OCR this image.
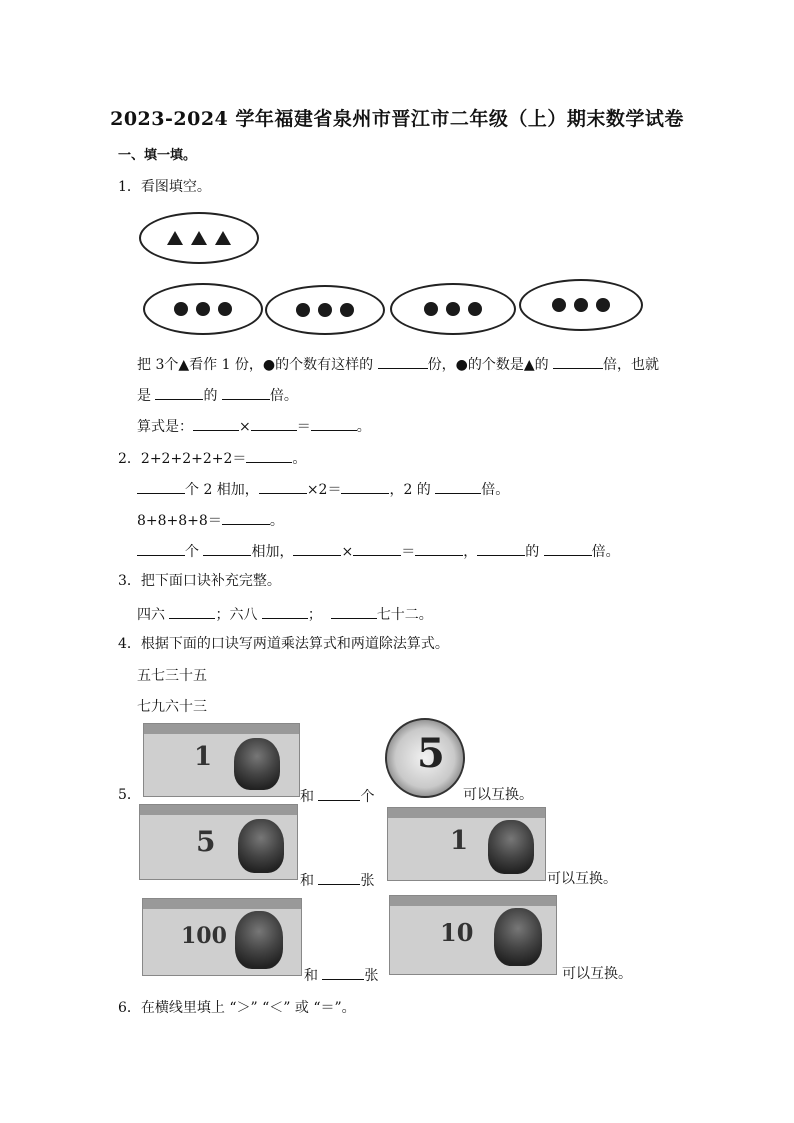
2023-2024 学年福建省泉州市晋江市二年级（上）期末数学试卷
一、填一填。
1．看图填空。
把 3个▲看作 1 份，●的个数有这样的	份，●的个数是▲的	倍，也就
是	的	倍。
算式是：	×	＝	。
2．2+2+2+2+2＝	。
个 2 相加，	×2＝	，2 的	倍。
8+8+8+8＝	。
个	相加，	×	＝	，	的	倍。
3．把下面口诀补充完整。
四六	；六八	；	七十二。
4．根据下面的口诀写两道乘法算式和两道除法算式。
五七三十五
七九六十三
5．
1
和	个
5
可以互换。
5
和	张
1
可以互换。
100
和	张
10
可以互换。
6．在横线里填上 “＞” “＜” 或 “＝”。
